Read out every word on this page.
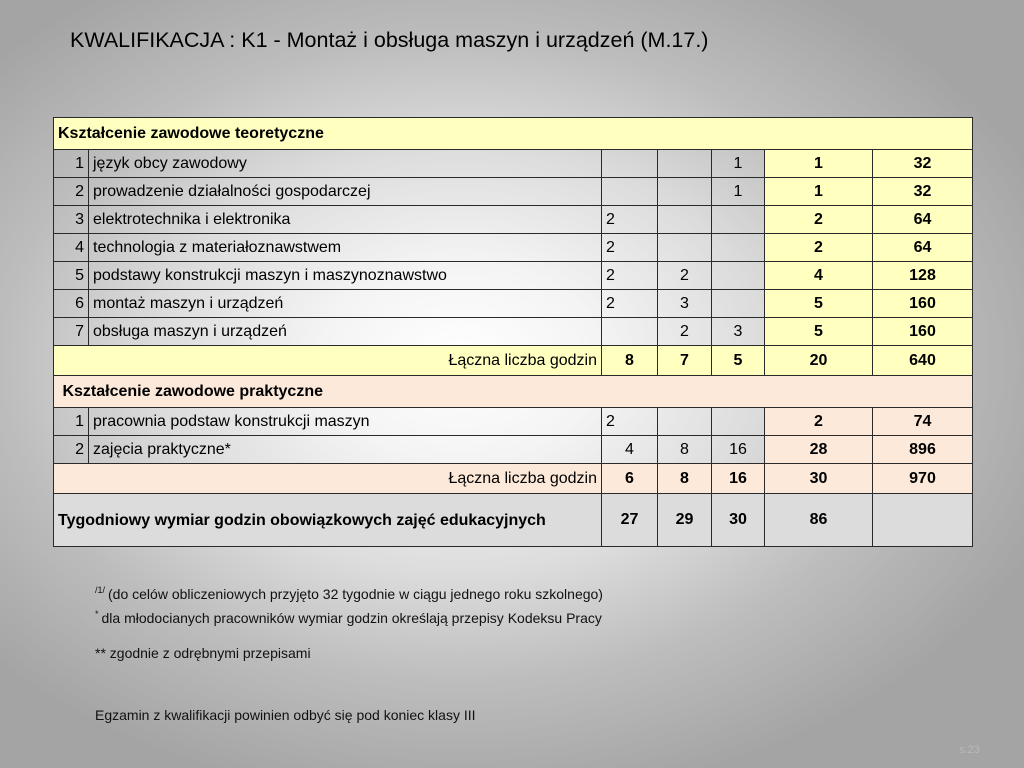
KWALIFIKACJA : K1 - Montaż i obsługa maszyn i urządzeń (M.17.)
Kształcenie zawodowe teoretyczne						
1	język obcy zawodowy			1	1	32
2	prowadzenie działalności gospodarczej			1	1	32
3	elektrotechnika i elektronika	2			2	64
4	technologia z materiałoznawstwem	2			2	64
5	podstawy konstrukcji maszyn i maszynoznawstwo	2	2		4	128
6	montaż maszyn i urządzeń	2	3		5	160
7	obsługa maszyn i urządzeń		2	3	5	160
Łączna liczba godzin		8	7	5	20	640
Kształcenie zawodowe praktyczne						
1	pracownia podstaw konstrukcji maszyn	2			2	74
2	zajęcia praktyczne*	4	8	16	28	896
Łączna liczba godzin		6	8	16	30	970
Tygodniowy wymiar godzin obowiązkowych zajęć edukacyjnych		27	29	30	86	
$^{/1/}$ (do celów obliczeniowych przyjęto 32 tygodnie w ciągu jednego roku szkolnego)
* dla młodocianych pracowników wymiar godzin określają przepisy Kodeksu Pracy
** zgodnie z odrębnymi przepisami
Egzamin z kwalifikacji powinien odbyć się pod koniec klasy III
s.23
